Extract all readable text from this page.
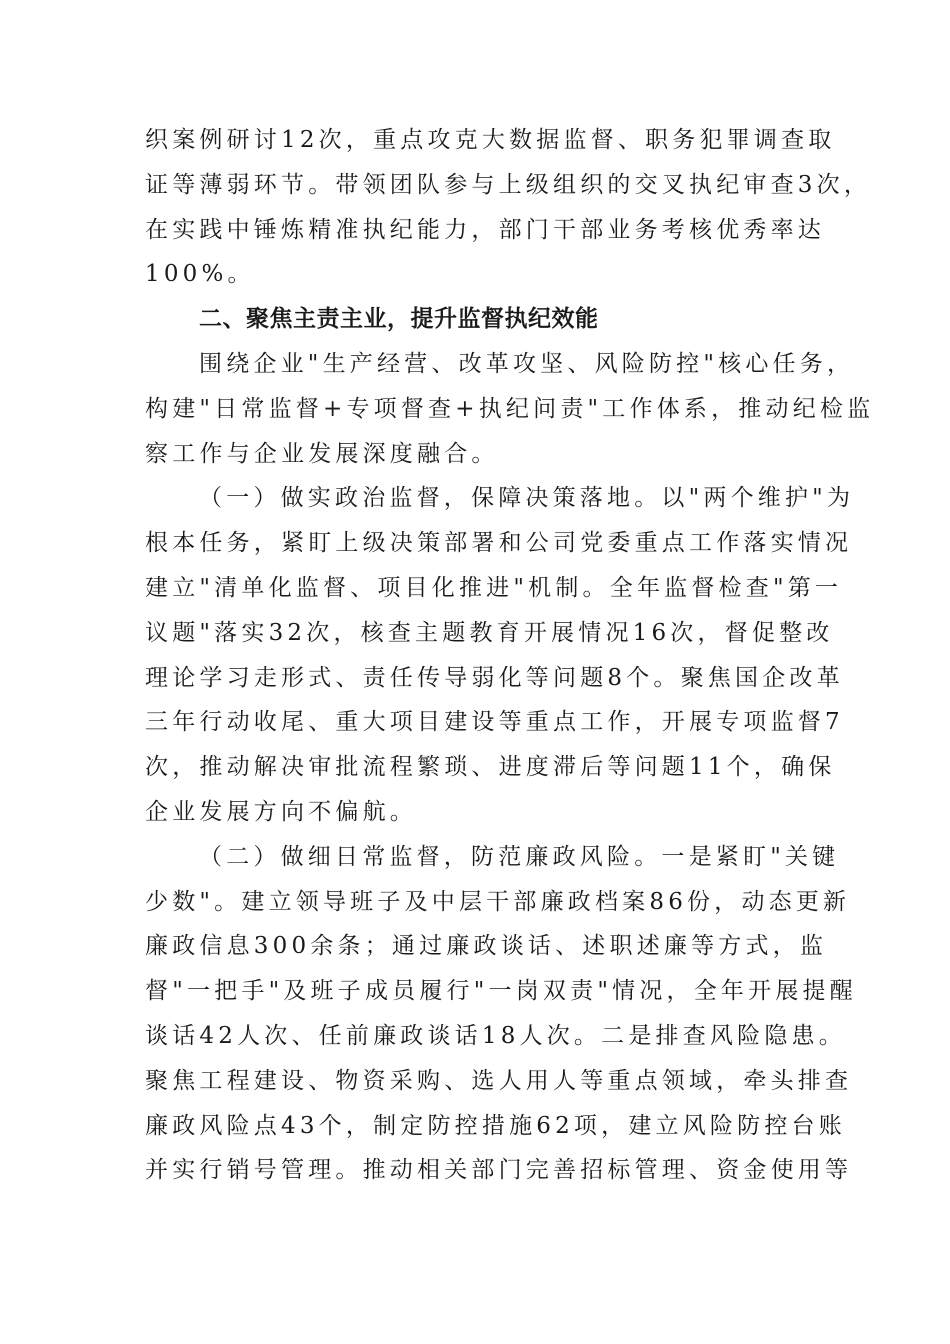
织案例研讨12次，重点攻克大数据监督、职务犯罪调查取
证等薄弱环节。带领团队参与上级组织的交叉执纪审查3次，
在实践中锤炼精准执纪能力，部门干部业务考核优秀率达
100%。
二、聚焦主责主业，提升监督执纪效能
围绕企业"生产经营、改革攻坚、风险防控"核心任务，
构建"日常监督+专项督查+执纪问责"工作体系，推动纪检监
察工作与企业发展深度融合。
（一）做实政治监督，保障决策落地。以"两个维护"为
根本任务，紧盯上级决策部署和公司党委重点工作落实情况
建立"清单化监督、项目化推进"机制。全年监督检查"第一
议题"落实32次，核查主题教育开展情况16次，督促整改
理论学习走形式、责任传导弱化等问题8个。聚焦国企改革
三年行动收尾、重大项目建设等重点工作，开展专项监督7
次，推动解决审批流程繁琐、进度滞后等问题11个，确保
企业发展方向不偏航。
（二）做细日常监督，防范廉政风险。一是紧盯"关键
少数"。建立领导班子及中层干部廉政档案86份，动态更新
廉政信息300余条；通过廉政谈话、述职述廉等方式，监
督"一把手"及班子成员履行"一岗双责"情况，全年开展提醒
谈话42人次、任前廉政谈话18人次。二是排查风险隐患。
聚焦工程建设、物资采购、选人用人等重点领域，牵头排查
廉政风险点43个，制定防控措施62项，建立风险防控台账
并实行销号管理。推动相关部门完善招标管理、资金使用等
